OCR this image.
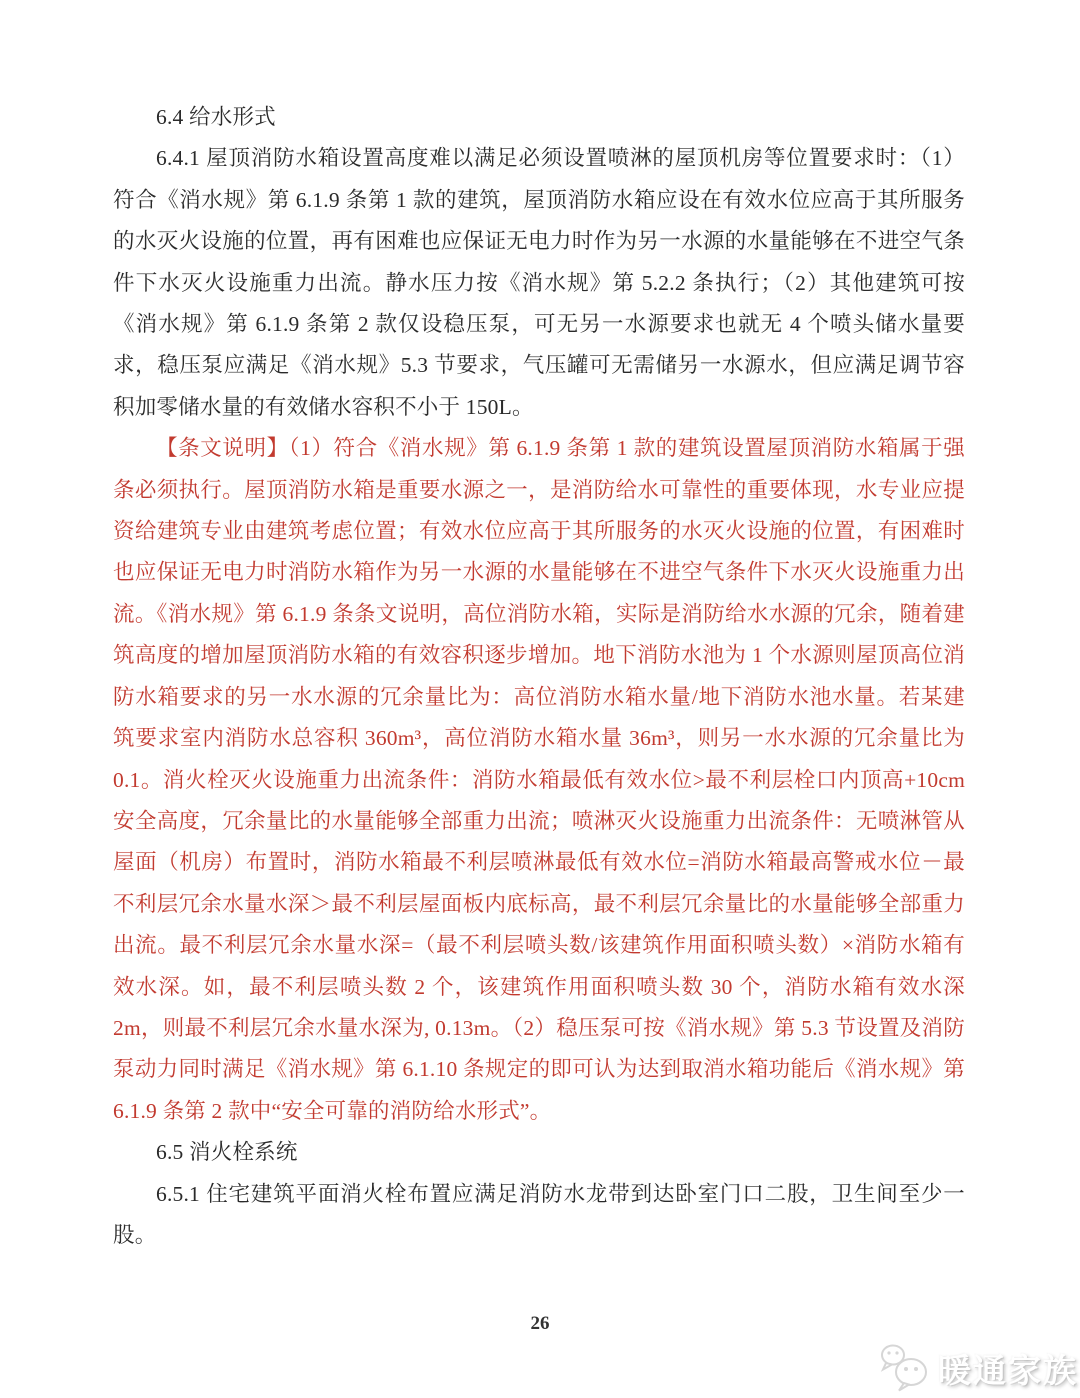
6.4 给水形式

6.4.1 屋顶消防水箱设置高度难以满足必须设置喷淋的屋顶机房等位置要求时：（1）符合《消水规》第 6.1.9 条第 1 款的建筑，屋顶消防水箱应设在有效水位应高于其所服务的水灭火设施的位置，再有困难也应保证无电力时作为另一水源的水量能够在不进空气条件下水灭火设施重力出流。静水压力按《消水规》第 5.2.2 条执行；（2）其他建筑可按《消水规》第 6.1.9 条第 2 款仅设稳压泵，可无另一水源要求也就无 4 个喷头储水量要求，稳压泵应满足《消水规》5.3 节要求，气压罐可无需储另一水源水，但应满足调节容积加零储水量的有效储水容积不小于 150L。

【条文说明】（1）符合《消水规》第 6.1.9 条第 1 款的建筑设置屋顶消防水箱属于强条必须执行。屋顶消防水箱是重要水源之一，是消防给水可靠性的重要体现，水专业应提资给建筑专业由建筑考虑位置；有效水位应高于其所服务的水灭火设施的位置，有困难时也应保证无电力时消防水箱作为另一水源的水量能够在不进空气条件下水灭火设施重力出流。《消水规》第 6.1.9 条条文说明，高位消防水箱，实际是消防给水水源的冗余，随着建筑高度的增加屋顶消防水箱的有效容积逐步增加。地下消防水池为 1 个水源则屋顶高位消防水箱要求的另一水水源的冗余量比为：高位消防水箱水量/地下消防水池水量。若某建筑要求室内消防水总容积 360m³，高位消防水箱水量 36m³，则另一水水源的冗余量比为 0.1。消火栓灭火设施重力出流条件：消防水箱最低有效水位>最不利层栓口内顶高+10cm 安全高度，冗余量比的水量能够全部重力出流；喷淋灭火设施重力出流条件：无喷淋管从屋面（机房）布置时，消防水箱最不利层喷淋最低有效水位=消防水箱最高警戒水位－最不利层冗余水量水深＞最不利层屋面板内底标高，最不利层冗余量比的水量能够全部重力出流。最不利层冗余水量水深=（最不利层喷头数/该建筑作用面积喷头数）×消防水箱有效水深。如，最不利层喷头数 2 个，该建筑作用面积喷头数 30 个，消防水箱有效水深 2m，则最不利层冗余水量水深为, 0.13m。（2）稳压泵可按《消水规》第 5.3 节设置及消防泵动力同时满足《消水规》第 6.1.10 条规定的即可认为达到取消水箱功能后《消水规》第 6.1.9 条第 2 款中“安全可靠的消防给水形式”。

6.5 消火栓系统

6.5.1 住宅建筑平面消火栓布置应满足消防水龙带到达卧室门口二股，卫生间至少一股。

26
暖通家族
